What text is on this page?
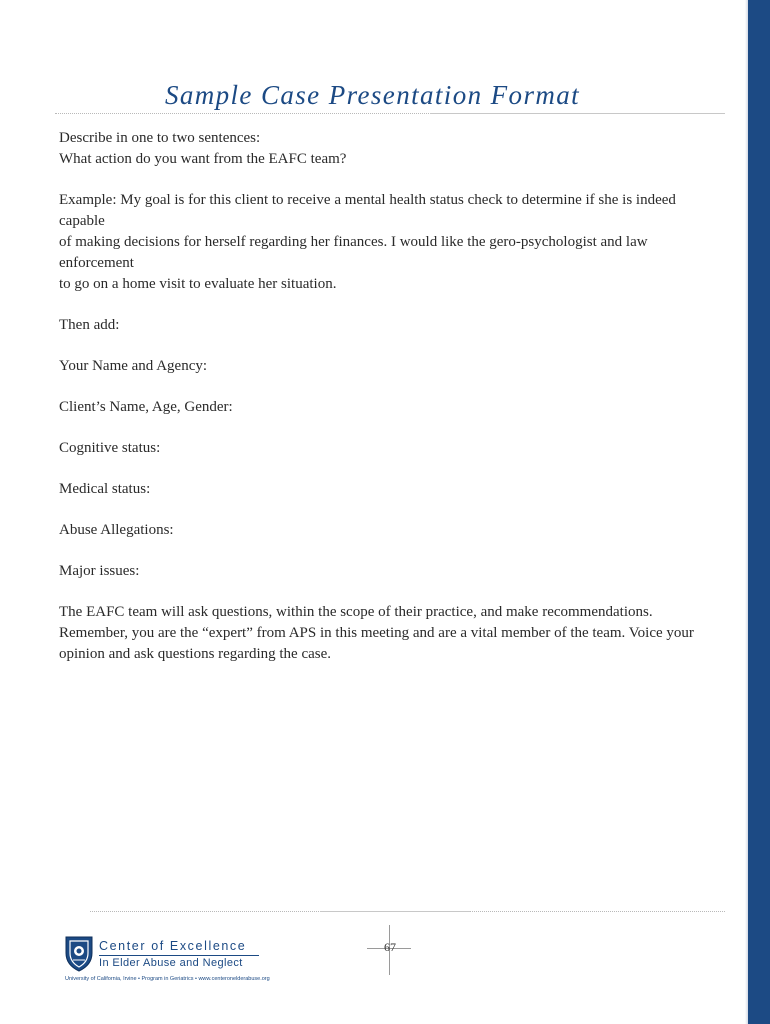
Sample Case Presentation Format

Describe in one to two sentences:

What action do you want from the EAFC team?

Example: My goal is for this client to receive a mental health status check to determine if she is indeed capable

of making decisions for herself regarding her finances. I would like the gero-psychologist and law enforcement

to go on a home visit to evaluate her situation.

Then add:

Your Name and Agency:

Client’s Name, Age, Gender:

Cognitive status:

Medical status:

Abuse Allegations:

Major issues:

The EAFC team will ask questions, within the scope of their practice, and make recommendations.

Remember, you are the “expert” from APS in this meeting and are a vital member of the team. Voice your

opinion and ask questions regarding the case.

Center of Excellence
In Elder Abuse and Neglect
University of California, Irvine • Program in Geriatrics • www.centeronelderabuse.org
67
